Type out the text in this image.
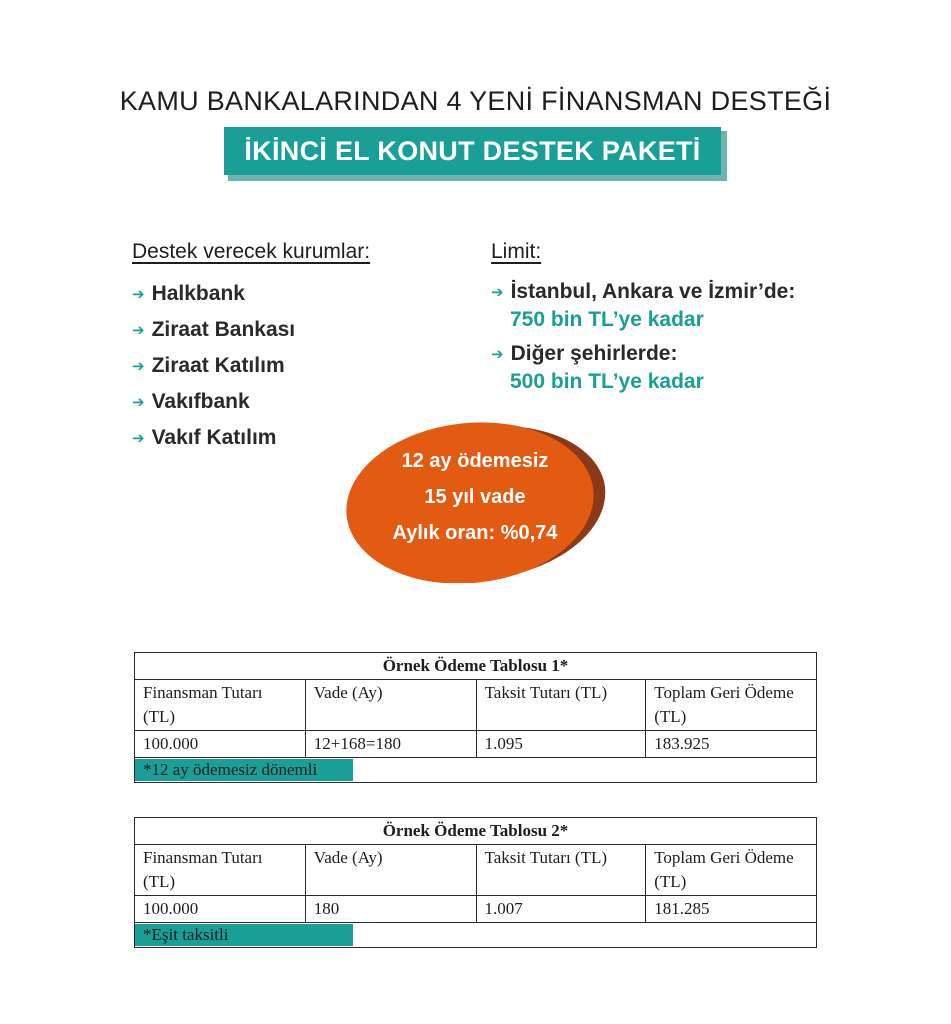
KAMU BANKALARINDAN 4 YENİ FİNANSMAN DESTEĞİ
İKİNCİ EL KONUT DESTEK PAKETİ
Destek verecek kurumlar:
➔ Halkbank
➔ Ziraat Bankası
➔ Ziraat Katılım
➔ Vakıfbank
➔ Vakıf Katılım
Limit:
➔ İstanbul, Ankara ve İzmir’de:
750 bin TL’ye kadar
➔ Diğer şehirlerde:
500 bin TL’ye kadar
12 ay ödemesiz
15 yıl vade
Aylık oran: %0,74
Örnek Ödeme Tablosu 1*			
Finansman Tutarı (TL)	Vade (Ay)	Taksit Tutarı (TL)	Toplam Geri Ödeme (TL)
100.000	12+168=180	1.095	183.925
*12 ay ödemesiz dönemli			
Örnek Ödeme Tablosu 2*			
Finansman Tutarı (TL)	Vade (Ay)	Taksit Tutarı (TL)	Toplam Geri Ödeme (TL)
100.000	180	1.007	181.285
*Eşit taksitli			
